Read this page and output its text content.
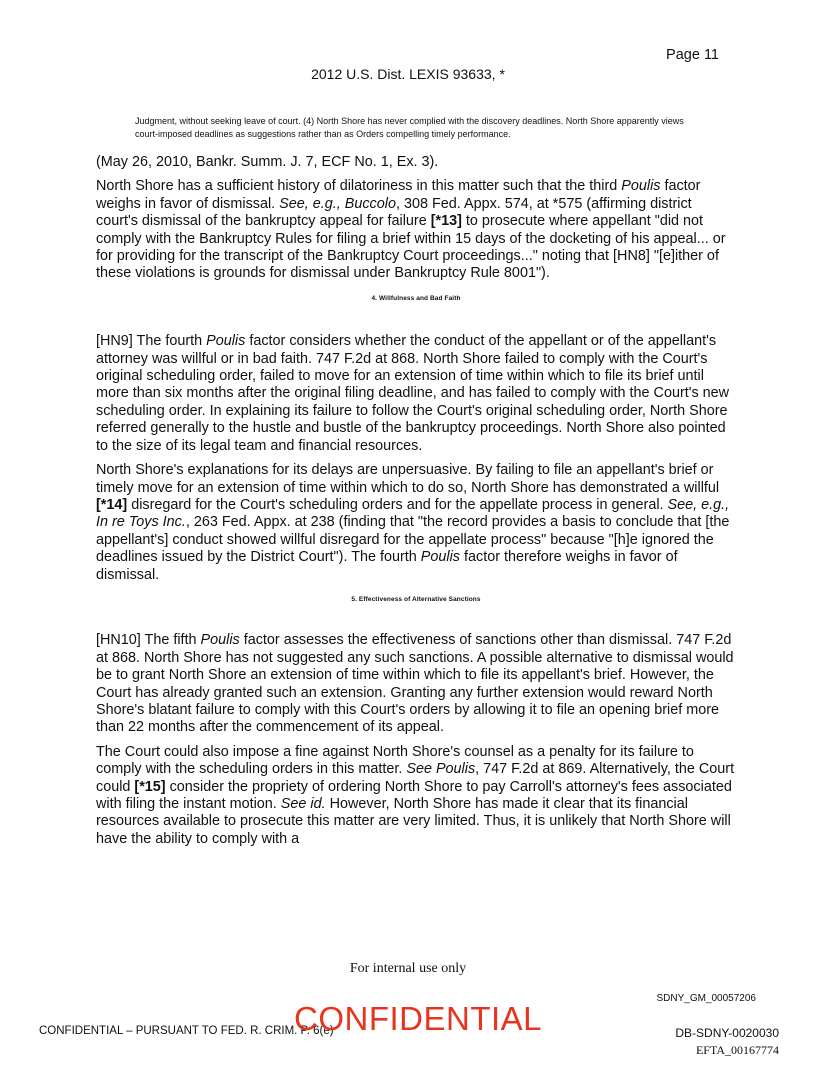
Page 11
2012 U.S. Dist. LEXIS 93633, *
Judgment, without seeking leave of court. (4) North Shore has never complied with the discovery deadlines. North Shore apparently views court-imposed deadlines as suggestions rather than as Orders compelling timely performance.

(May 26, 2010, Bankr. Summ. J. 7, ECF No. 1, Ex. 3).

North Shore has a sufficient history of dilatoriness in this matter such that the third Poulis factor weighs in favor of dismissal. See, e.g., Buccolo, 308 Fed. Appx. 574, at *575 (affirming district court's dismissal of the bankruptcy appeal for failure [*13] to prosecute where appellant "did not comply with the Bankruptcy Rules for filing a brief within 15 days of the docketing of his appeal... or for providing for the transcript of the Bankruptcy Court proceedings..." noting that [HN8] "[e]ither of these violations is grounds for dismissal under Bankruptcy Rule 8001").

4. Willfulness and Bad Faith

[HN9] The fourth Poulis factor considers whether the conduct of the appellant or of the appellant's attorney was willful or in bad faith. 747 F.2d at 868. North Shore failed to comply with the Court's original scheduling order, failed to move for an extension of time within which to file its brief until more than six months after the original filing deadline, and has failed to comply with the Court's new scheduling order. In explaining its failure to follow the Court's original scheduling order, North Shore referred generally to the hustle and bustle of the bankruptcy proceedings. North Shore also pointed to the size of its legal team and financial resources.

North Shore's explanations for its delays are unpersuasive. By failing to file an appellant's brief or timely move for an extension of time within which to do so, North Shore has demonstrated a willful [*14] disregard for the Court's scheduling orders and for the appellate process in general. See, e.g., In re Toys Inc., 263 Fed. Appx. at 238 (finding that "the record provides a basis to conclude that [the appellant's] conduct showed willful disregard for the appellate process" because "[h]e ignored the deadlines issued by the District Court"). The fourth Poulis factor therefore weighs in favor of dismissal.

5. Effectiveness of Alternative Sanctions

[HN10] The fifth Poulis factor assesses the effectiveness of sanctions other than dismissal. 747 F.2d at 868. North Shore has not suggested any such sanctions. A possible alternative to dismissal would be to grant North Shore an extension of time within which to file its appellant's brief. However, the Court has already granted such an extension. Granting any further extension would reward North Shore's blatant failure to comply with this Court's orders by allowing it to file an opening brief more than 22 months after the commencement of its appeal.

The Court could also impose a fine against North Shore's counsel as a penalty for its failure to comply with the scheduling orders in this matter. See Poulis, 747 F.2d at 869. Alternatively, the Court could [*15] consider the propriety of ordering North Shore to pay Carroll's attorney's fees associated with filing the instant motion. See id. However, North Shore has made it clear that its financial resources available to prosecute this matter are very limited. Thus, it is unlikely that North Shore will have the ability to comply with a

For internal use only
SDNY_GM_00057206
CONFIDENTIAL – PURSUANT TO FED. R. CRIM. P. 6(e)
CONFIDENTIAL	DB-SDNY-0020030
EFTA_00167774
